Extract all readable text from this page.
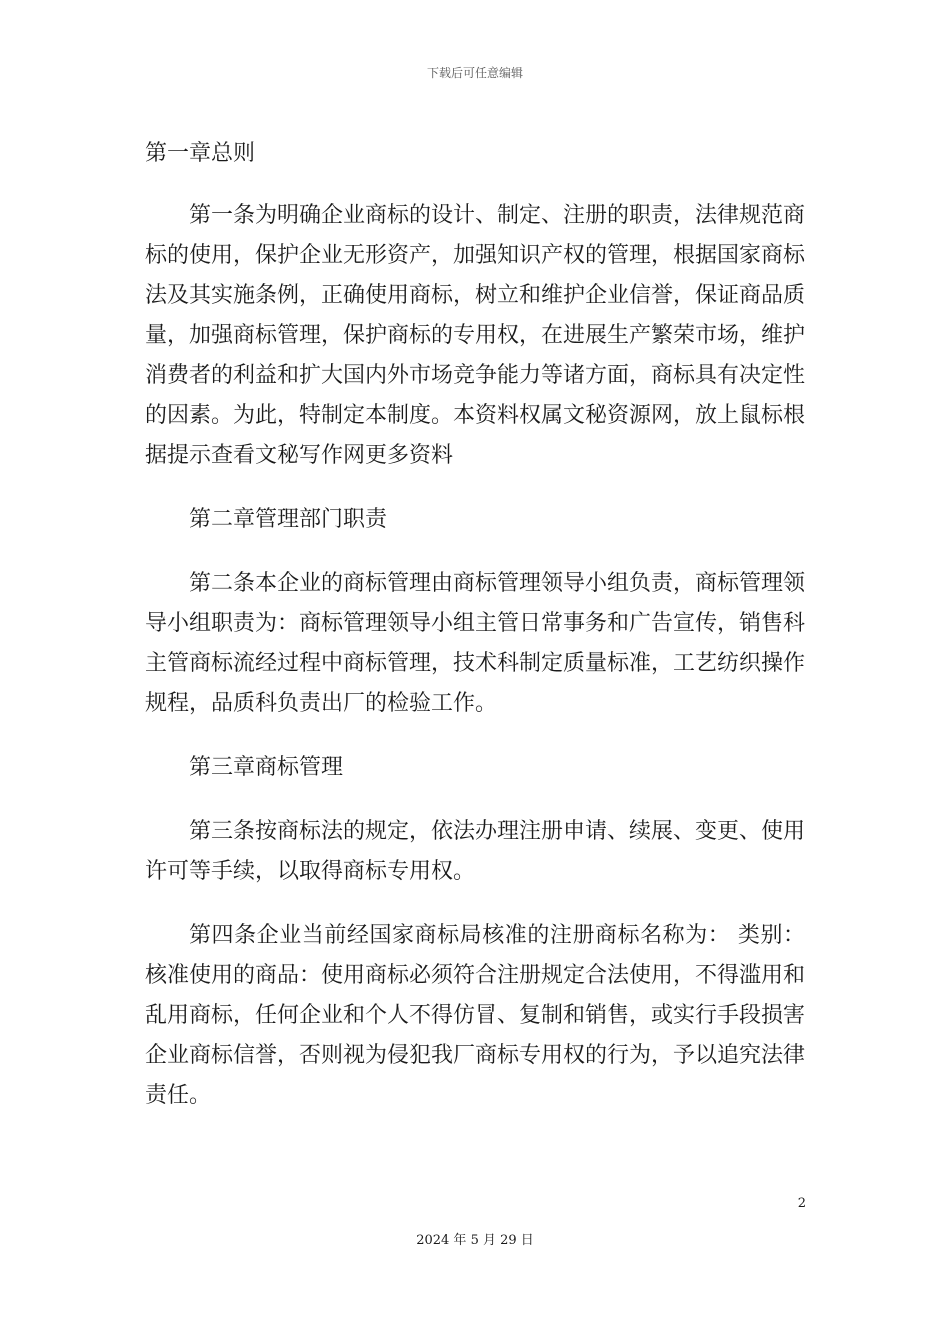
下载后可任意编辑

第一章总则

第一条为明确企业商标的设计、制定、注册的职责，法律规范商标的使用，保护企业无形资产，加强知识产权的管理，根据国家商标法及其实施条例，正确使用商标，树立和维护企业信誉，保证商品质量，加强商标管理，保护商标的专用权，在进展生产繁荣市场，维护消费者的利益和扩大国内外市场竞争能力等诸方面，商标具有决定性的因素。为此，特制定本制度。本资料权属文秘资源网，放上鼠标根据提示查看文秘写作网更多资料

第二章管理部门职责

第二条本企业的商标管理由商标管理领导小组负责，商标管理领导小组职责为：商标管理领导小组主管日常事务和广告宣传，销售科主管商标流经过程中商标管理，技术科制定质量标准，工艺纺织操作规程，品质科负责出厂的检验工作。

第三章商标管理

第三条按商标法的规定，依法办理注册申请、续展、变更、使用许可等手续，以取得商标专用权。

第四条企业当前经国家商标局核准的注册商标名称为： 类别：核准使用的商品：使用商标必须符合注册规定合法使用，不得滥用和乱用商标，任何企业和个人不得仿冒、复制和销售，或实行手段损害企业商标信誉，否则视为侵犯我厂商标专用权的行为，予以追究法律责任。

2
2024 年 5 月 29 日
